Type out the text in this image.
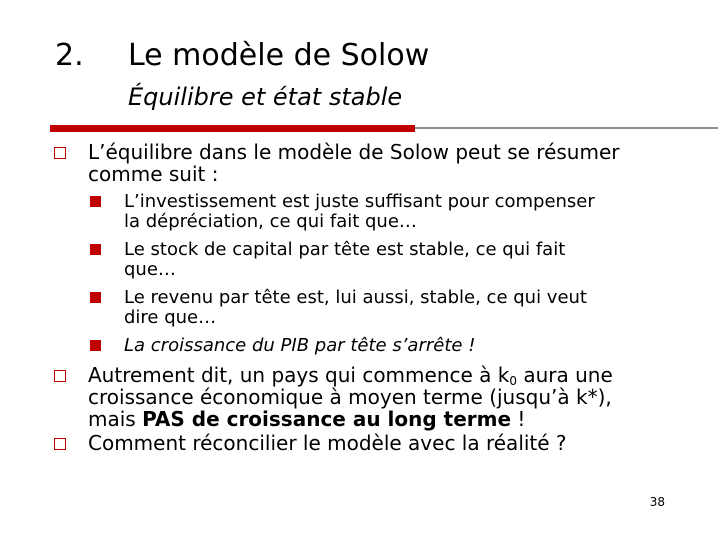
2. Le modèle de Solow
Équilibre et état stable
L’équilibre dans le modèle de Solow peut se résumer
comme suit :
L’investissement est juste suffisant pour compenser
la dépréciation, ce qui fait que…
Le stock de capital par tête est stable, ce qui fait
que…
Le revenu par tête est, lui aussi, stable, ce qui veut
dire que…
La croissance du PIB par tête s’arrête !
Autrement dit, un pays qui commence à $k_0$ aura une
croissance économique à moyen terme (jusqu’à k*),
mais PAS de croissance au long terme !
Comment réconcilier le modèle avec la réalité ?
38
